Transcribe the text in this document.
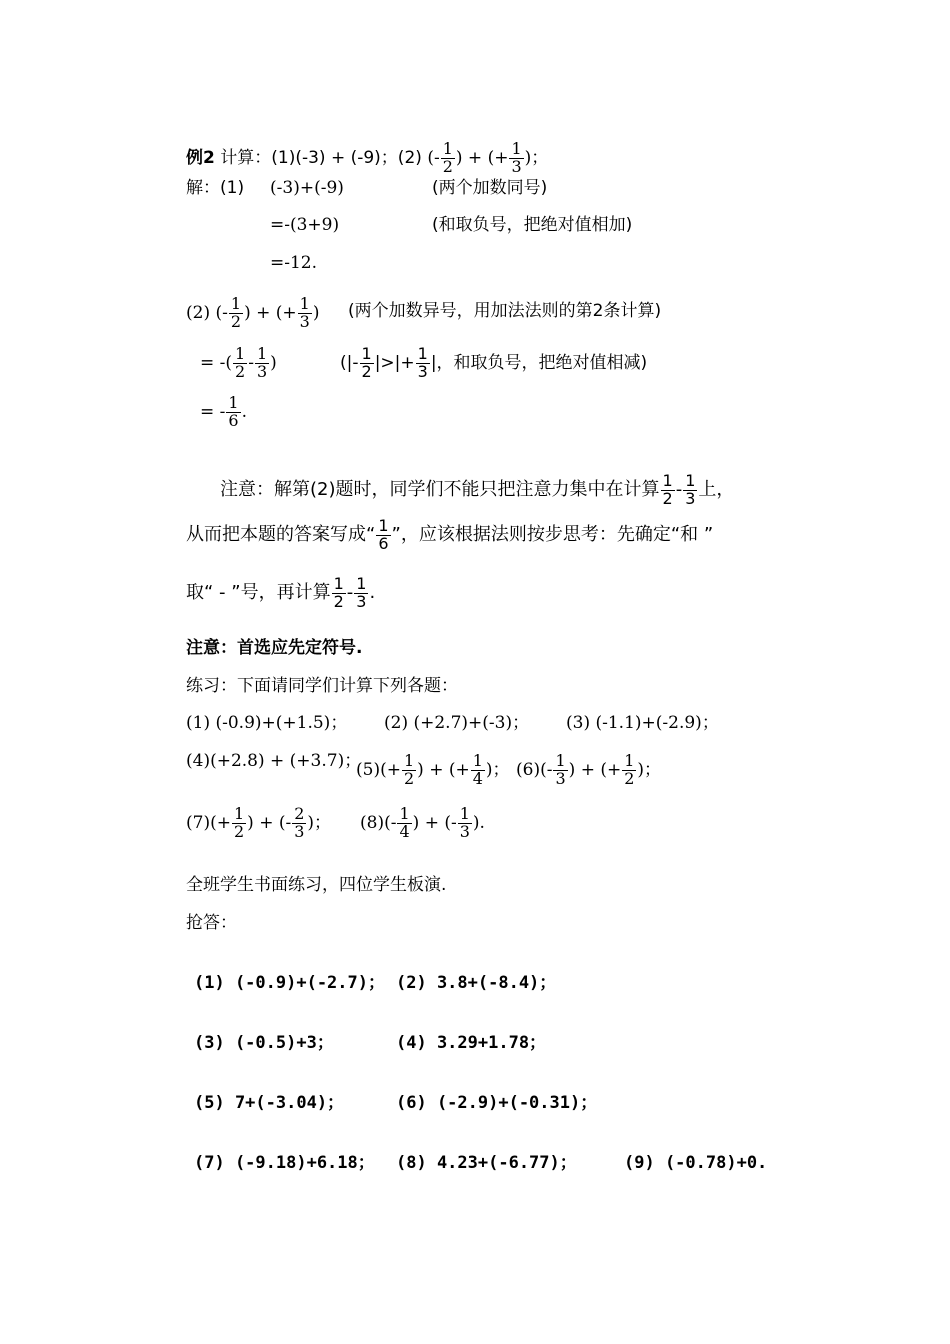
例2 计算：(1)(-3) + (-9)；(2) (- $\frac{1}{2}$ ) + (+ $\frac{1}{3}$ )；
解：(1) (-3)+(-9)	(两个加数同号)
=-(3+9)	(和取负号，把绝对值相加)
=-12.
(2) (- $\frac{1}{2}$ ) + (+ $\frac{1}{3}$ ) (两个加数异号，用加法法则的第2条计算)
= -( $\frac{1}{2} - \frac{1}{3}$ )	(|- $\frac{1}{2}$ |>|+ $\frac{1}{3}$ |，和取负号，把绝对值相减)
= - $\frac{1}{6}$ .
注意：解第(2)题时，同学们不能只把注意力集中在计算 $\frac{1}{2} - \frac{1}{3}$ 上，
从而把本题的答案写成“ $\frac{1}{6}$ ”，应该根据法则按步思考：先确定“和 ”
取“ - ”号，再计算 $\frac{1}{2} - \frac{1}{3}$ .
注意：首选应先定符号.
练习：下面请同学们计算下列各题：
(1) (-0.9)+(+1.5)； (2) (+2.7)+(-3)； (3) (-1.1)+(-2.9)；
(4)(+2.8) + (+3.7)；
$(5)(+ \frac{1}{2}$ ) + (+ $\frac{1}{4}$ )； $(6)(- \frac{1}{3}$ ) + (+ $\frac{1}{2}$ )；
$(7)(+ \frac{1}{2}$ ) + (- $\frac{2}{3}$ )； $(8)(- \frac{1}{4}$ ) + (- $\frac{1}{3}$ ).
全班学生书面练习，四位学生板演.
抢答：
(1) (-0.9)+(-2.7)； (2) 3.8+(-8.4)；
(3) (-0.5)+3；	(4) 3.29+1.78；
(5) 7+(-3.04)；	(6) (-2.9)+(-0.31)；
(7) (-9.18)+6.18； (8) 4.23+(-6.77)；	(9) (-0.78)+0.
